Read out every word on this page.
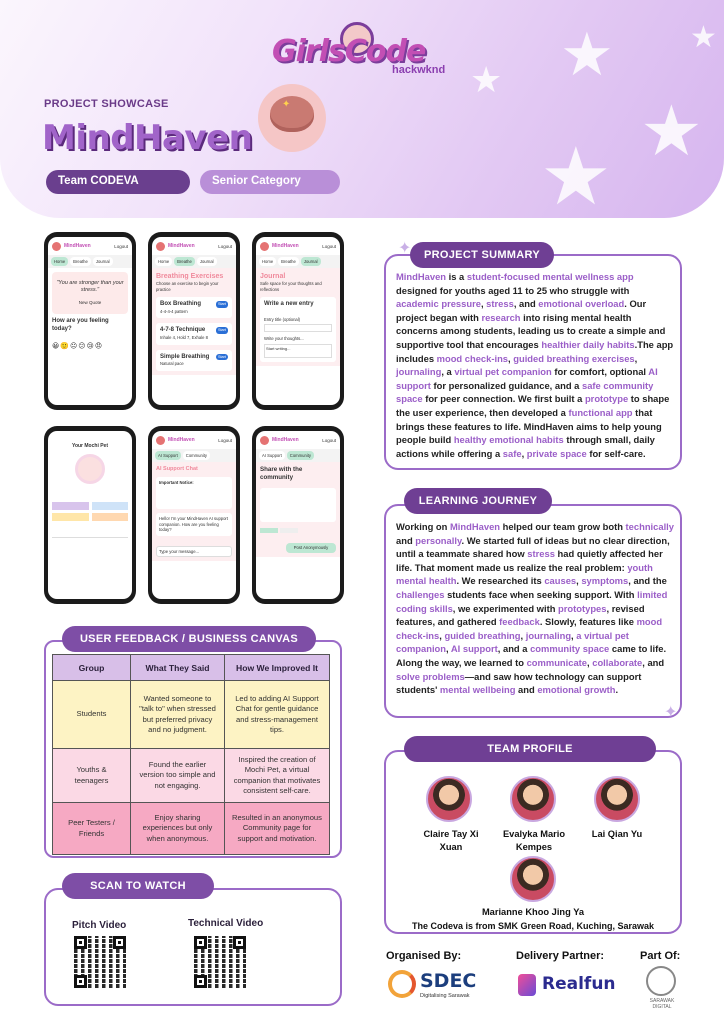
★
★
★
★
★
GirlsCode
hackwknd
PROJECT SHOWCASE
MindHaven
Team CODEVA	Senior Category
✦
MindHaven	Logout
Home	Breathe	Journal
"You are stronger than your stress."
New Quote
How are you feeling today?
😀🙂😐😕😢😠
MindHaven	Logout
Home	Breathe	Journal
Breathing Exercises
Choose an exercise to begin your practice
Start
Box Breathing
4-4-4-4 pattern
Start
4-7-8 Technique
Inhale 4, Hold 7, Exhale 8
Start
Simple Breathing
Natural pace
MindHaven	Logout
Home	Breathe	Journal
Journal
Safe space for your thoughts and reflections
Write a new entry
Entry title (optional)
Write your thoughts...
Start writing...
Your Mochi Pet
MindHaven	Logout
AI Support	Community
AI Support Chat
Important Notice:
Hello! I'm your MindHaven AI support companion. How are you feeling today?
Type your message...
MindHaven	Logout
AI Support	Community
Share with the community
Post Anonymously
PROJECT SUMMARY
✦
MindHaven is a student-focused mental wellness app designed for youths aged 11 to 25 who struggle with academic pressure, stress, and emotional overload. Our project began with research into rising mental health concerns among students, leading us to create a simple and supportive tool that encourages healthier daily habits.The app includes mood check-ins, guided breathing exercises, journaling, a virtual pet companion for comfort, optional AI support for personalized guidance, and a safe community space for peer connection. We first built a prototype to shape the user experience, then developed a functional app that brings these features to life. MindHaven aims to help young people build healthy emotional habits through small, daily actions while offering a safe, private space for self-care.
LEARNING JOURNEY
✦
Working on MindHaven helped our team grow both technically and personally. We started full of ideas but no clear direction, until a teammate shared how stress had quietly affected her life. That moment made us realize the real problem: youth mental health. We researched its causes, symptoms, and the challenges students face when seeking support. With limited coding skills, we experimented with prototypes, revised features, and gathered feedback. Slowly, features like mood check-ins, guided breathing, journaling, a virtual pet companion, AI support, and a community space came to life. Along the way, we learned to communicate, collaborate, and solve problems—and saw how technology can support students' mental wellbeing and emotional growth.
USER FEEDBACK / BUSINESS CANVAS
Group	What They Said	How We Improved It
Students	Wanted someone to "talk to" when stressed but preferred privacy and no judgment.	Led to adding AI Support Chat for gentle guidance and stress-management tips.
Youths & teenagers	Found the earlier version too simple and not engaging.	Inspired the creation of Mochi Pet, a virtual companion that motivates consistent self-care.
Peer Testers / Friends	Enjoy sharing experiences but only when anonymous.	Resulted in an anonymous Community page for support and motivation.
SCAN TO WATCH
Pitch Video	Technical Video
TEAM PROFILE
Claire Tay Xi Xuan
Evalyka Mario Kempes
Lai Qian Yu
Marianne Khoo Jing Ya
The Codeva is from SMK Green Road, Kuching, Sarawak
Organised By:	Delivery Partner:	Part Of:
SDEC
Digitalising Sarawak
Realfun
SARAWAK DIGITAL
